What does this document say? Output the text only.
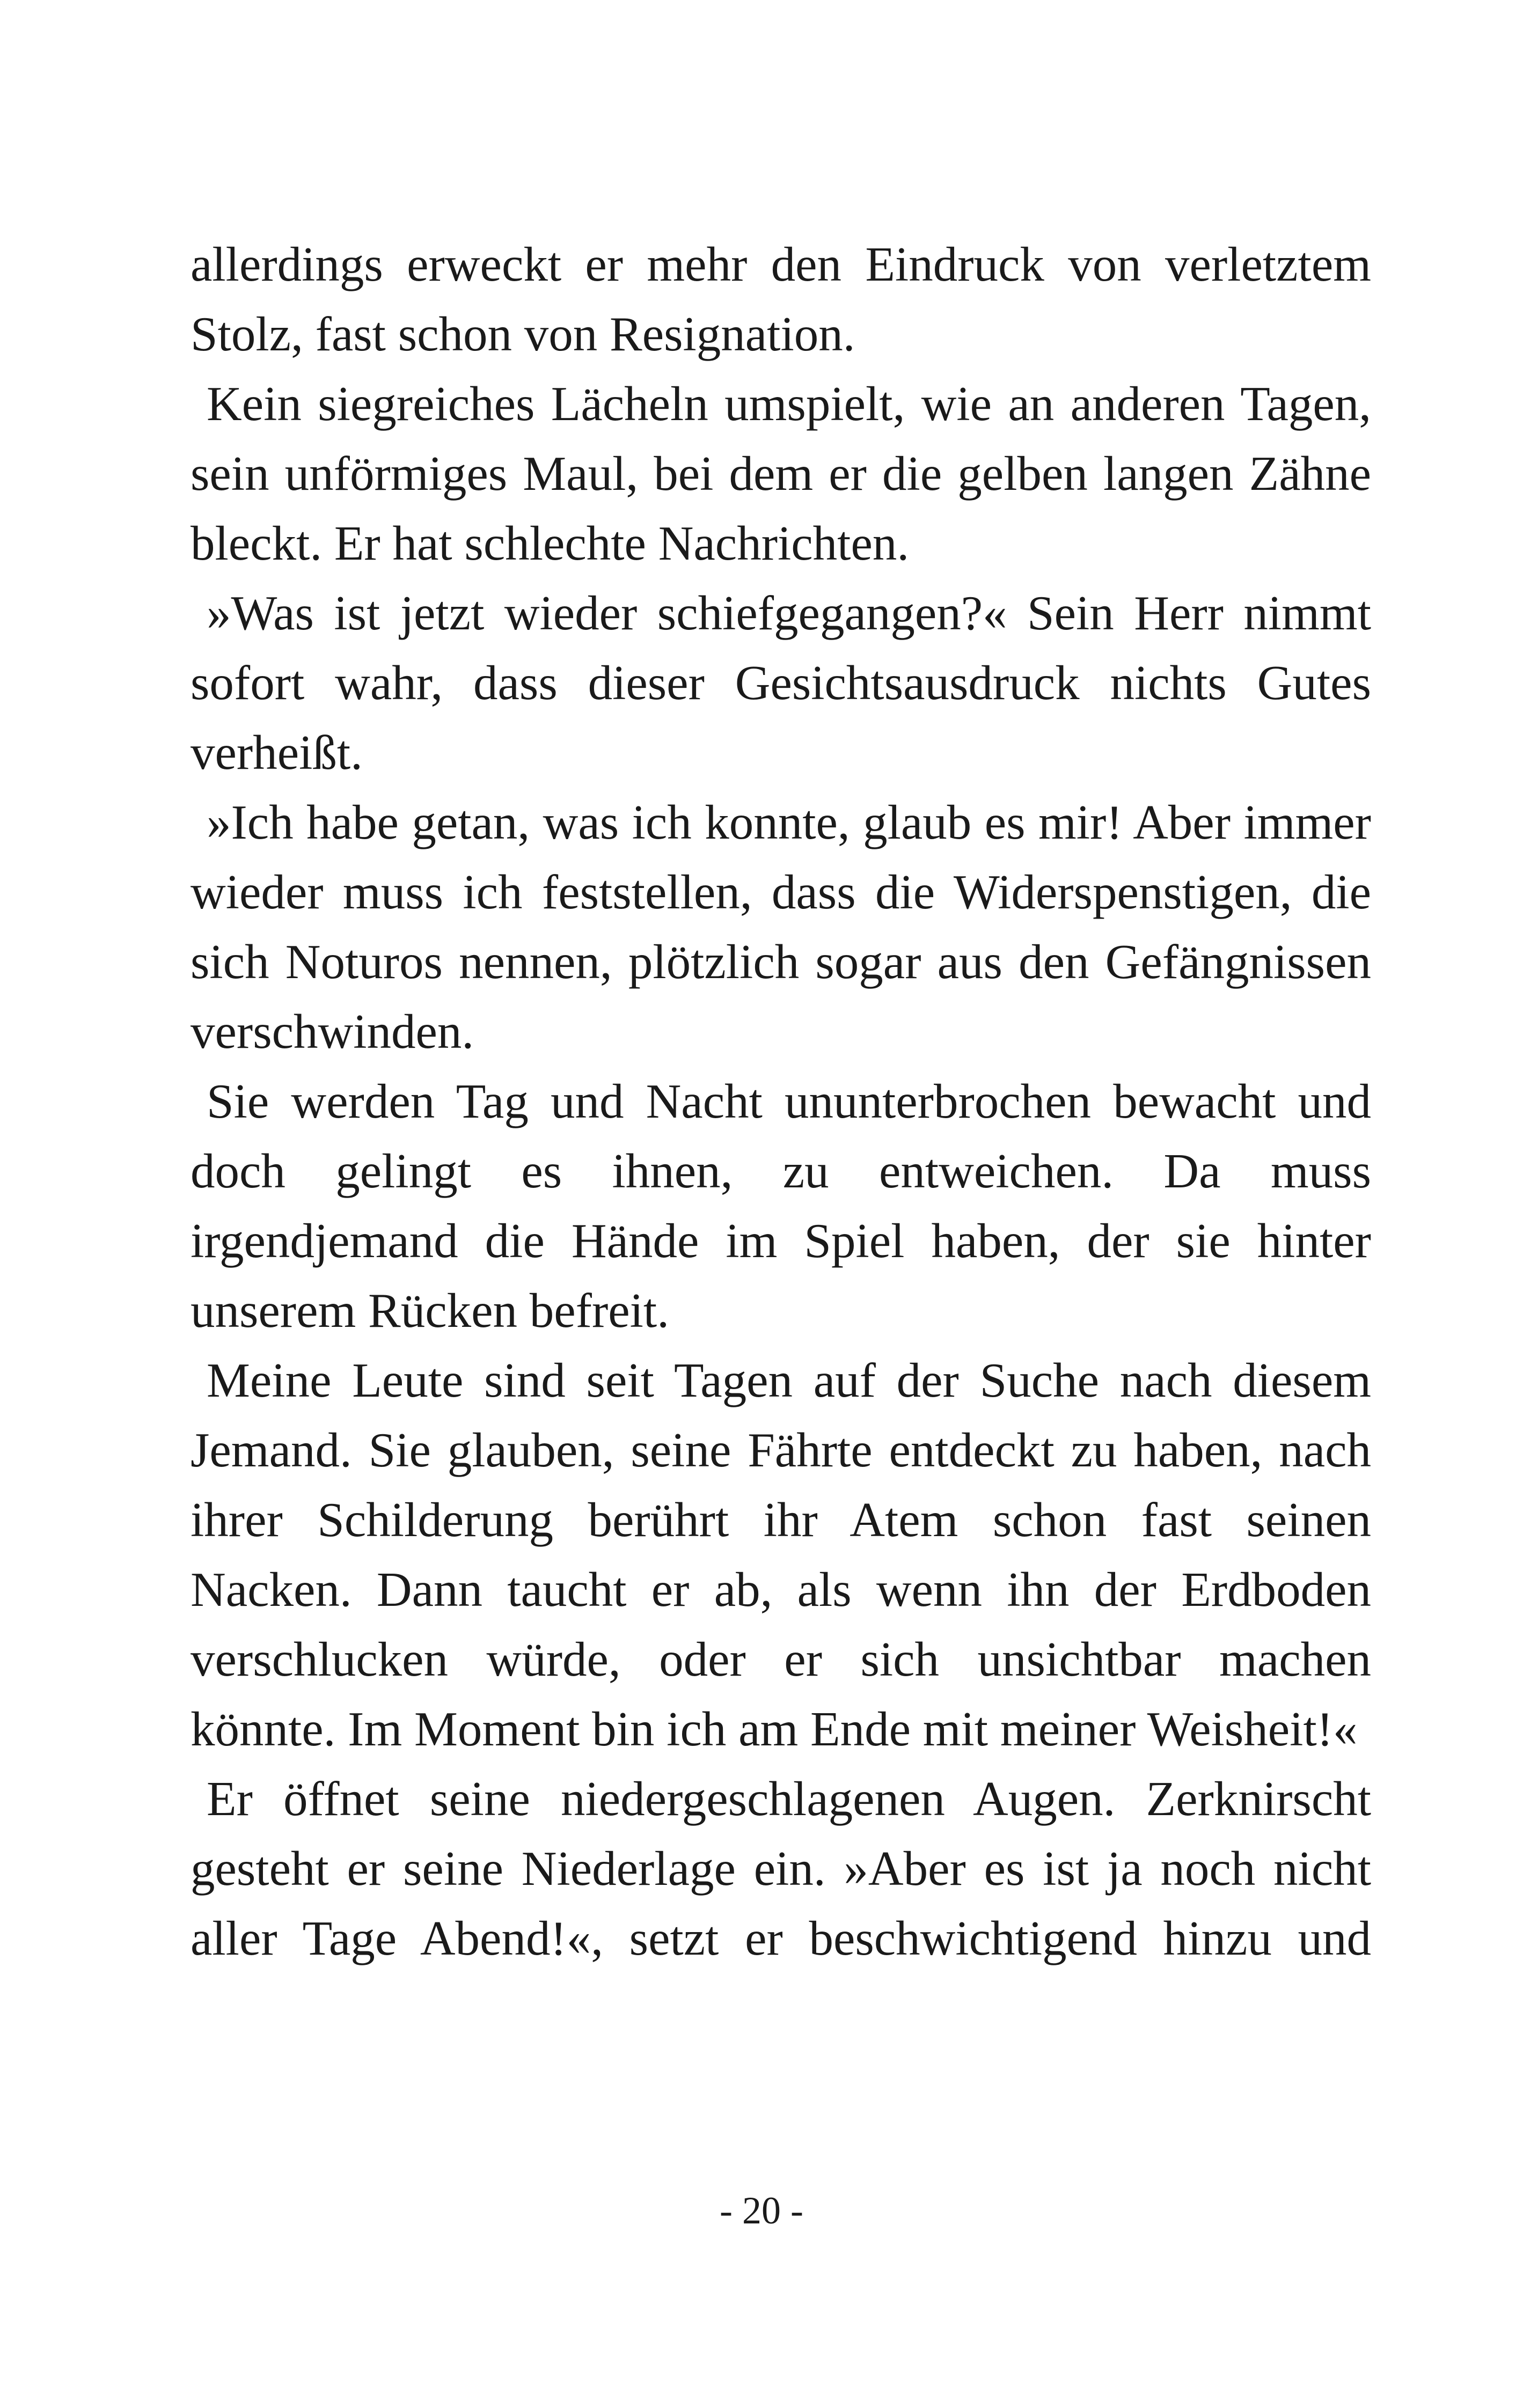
allerdings erweckt er mehr den Eindruck von verletztem Stolz, fast schon von Resignation.

Kein siegreiches Lächeln umspielt, wie an anderen Tagen, sein unförmiges Maul, bei dem er die gelben langen Zähne bleckt. Er hat schlechte Nachrichten.

»Was ist jetzt wieder schiefgegangen?« Sein Herr nimmt sofort wahr, dass dieser Gesichtsausdruck nichts Gutes verheißt.

»Ich habe getan, was ich konnte, glaub es mir! Aber immer wieder muss ich feststellen, dass die Widerspenstigen, die sich Noturos nennen, plötzlich sogar aus den Gefängnissen verschwinden.

Sie werden Tag und Nacht ununterbrochen bewacht und doch gelingt es ihnen, zu entweichen. Da muss irgendjemand die Hände im Spiel haben, der sie hinter unserem Rücken befreit.

Meine Leute sind seit Tagen auf der Suche nach diesem Jemand. Sie glauben, seine Fährte entdeckt zu haben, nach ihrer Schilderung berührt ihr Atem schon fast seinen Nacken. Dann taucht er ab, als wenn ihn der Erdboden verschlucken würde, oder er sich unsichtbar machen könnte. Im Moment bin ich am Ende mit meiner Weisheit!«

Er öffnet seine niedergeschlagenen Augen. Zerknirscht gesteht er seine Niederlage ein. »Aber es ist ja noch nicht aller Tage Abend!«, setzt er beschwichtigend hinzu und

- 20 -
